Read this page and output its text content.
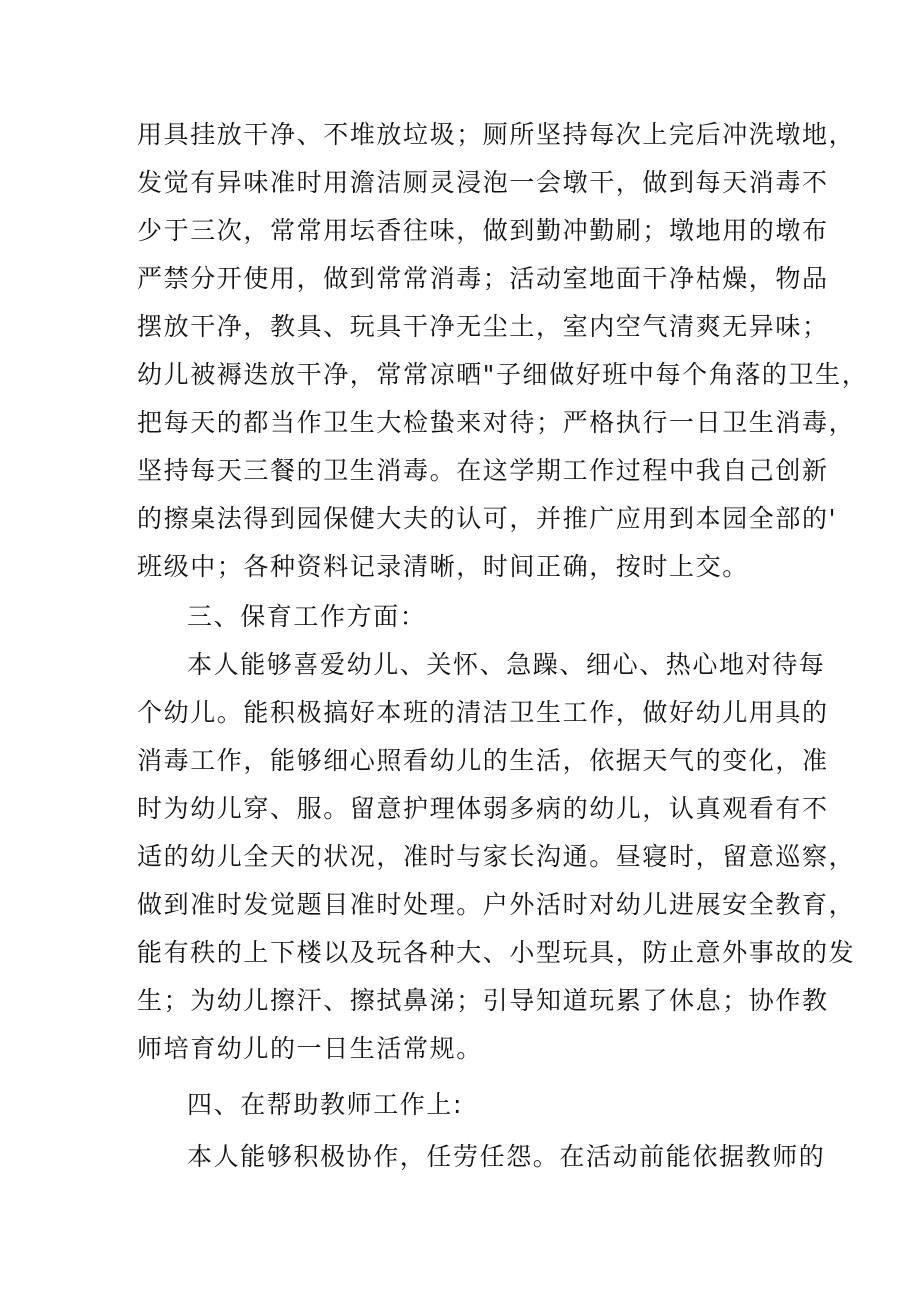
用具挂放干净、不堆放垃圾；厕所坚持每次上完后冲洗墩地，
发觉有异味准时用澹洁厕灵浸泡一会墩干，做到每天消毒不
少于三次，常常用坛香往味，做到勤冲勤刷；墩地用的墩布
严禁分开使用，做到常常消毒；活动室地面干净枯燥，物品
摆放干净，教具、玩具干净无尘土，室内空气清爽无异味；
幼儿被褥迭放干净，常常凉晒"子细做好班中每个角落的卫生，
把每天的都当作卫生大检蛰来对待；严格执行一日卫生消毒，
坚持每天三餐的卫生消毒。在这学期工作过程中我自己创新
的擦桌法得到园保健大夫的认可，并推广应用到本园全部的'
班级中；各种资料记录清晰，时间正确，按时上交。
三、保育工作方面：
本人能够喜爱幼儿、关怀、急躁、细心、热心地对待每
个幼儿。能积极搞好本班的清洁卫生工作，做好幼儿用具的
消毒工作，能够细心照看幼儿的生活，依据天气的变化，准
时为幼儿穿、服。留意护理体弱多病的幼儿，认真观看有不
适的幼儿全天的状况，准时与家长沟通。昼寝时，留意巡察，
做到准时发觉题目准时处理。户外活时对幼儿进展安全教育，
能有秩的上下楼以及玩各种大、小型玩具，防止意外事故的发
生；为幼儿擦汗、擦拭鼻涕；引导知道玩累了休息；协作教
师培育幼儿的一日生活常规。
四、在帮助教师工作上:
本人能够积极协作，任劳任怨。在活动前能依据教师的
